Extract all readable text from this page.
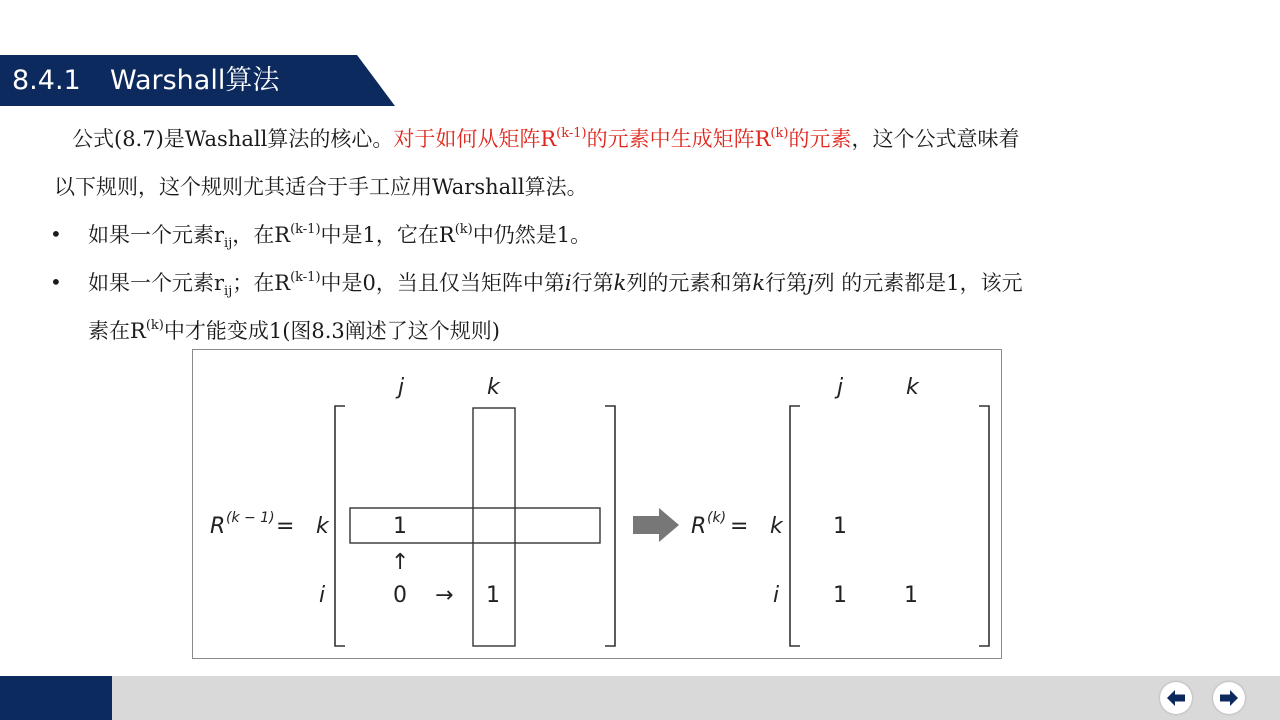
8.4.1 Warshall算法
公式(8.7)是Washall算法的核心。对于如何从矩阵$R^{(k-1)}$的元素中生成矩阵$R^{(k)}$的元素，这个公式意味着
以下规则，这个规则尤其适合于手工应用Warshall算法。
• 如果一个元素$r_{ij}$，在$R^{(k-1)}$中是1，它在$R^{(k)}$中仍然是1。
• 如果一个元素$r_{ij}$；在$R^{(k-1)}$中是0，当且仅当矩阵中第i行第k列的元素和第k行第j列 的元素都是1，该元
素在$R^{(k)}$中才能变成1(图8.3阐述了这个规则)
R (k − 1) =
j	k
k
i
1
↑
0 → 1
R (k) =
j	k
k
i
1
1	1
